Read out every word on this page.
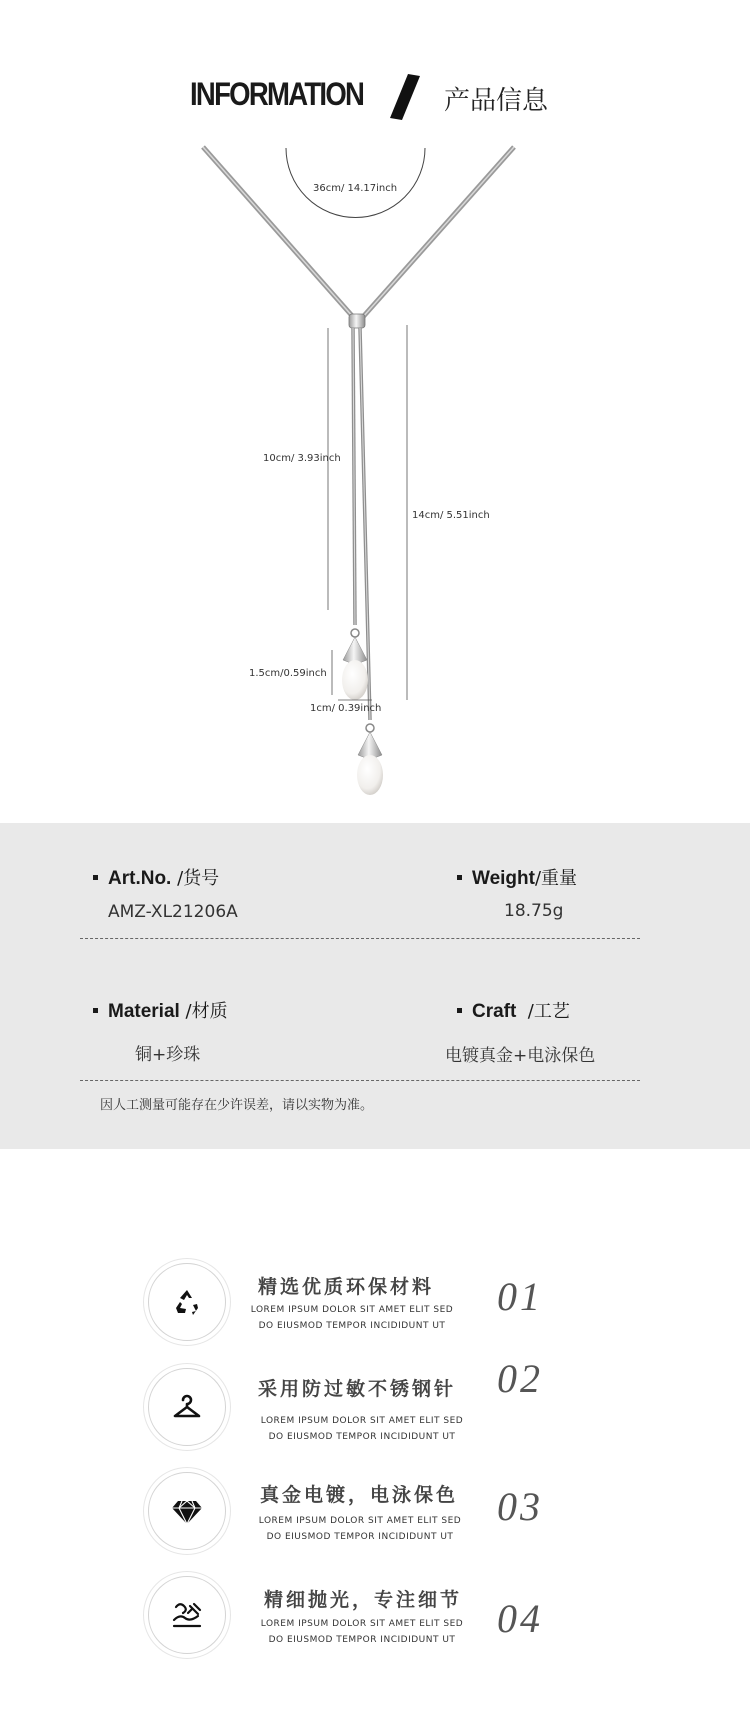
INFORMATION	产品信息
36cm/ 14.17inch
10cm/ 3.93inch
14cm/ 5.51inch
1.5cm/0.59inch
1cm/ 0.39inch
Art.No. /货号
AMZ-XL21206A
Weight/重量
18.75g
Material /材质
铜+珍珠
Craft /工艺
电镀真金+电泳保色
因人工测量可能存在少许误差，请以实物为准。
精选优质环保材料
LOREM IPSUM DOLOR SIT AMET ELIT SED
DO EIUSMOD TEMPOR INCIDIDUNT UT
01
采用防过敏不锈钢针
LOREM IPSUM DOLOR SIT AMET ELIT SED
DO EIUSMOD TEMPOR INCIDIDUNT UT
02
真金电镀，电泳保色
LOREM IPSUM DOLOR SIT AMET ELIT SED
DO EIUSMOD TEMPOR INCIDIDUNT UT
03
精细抛光，专注细节
LOREM IPSUM DOLOR SIT AMET ELIT SED
DO EIUSMOD TEMPOR INCIDIDUNT UT	04
